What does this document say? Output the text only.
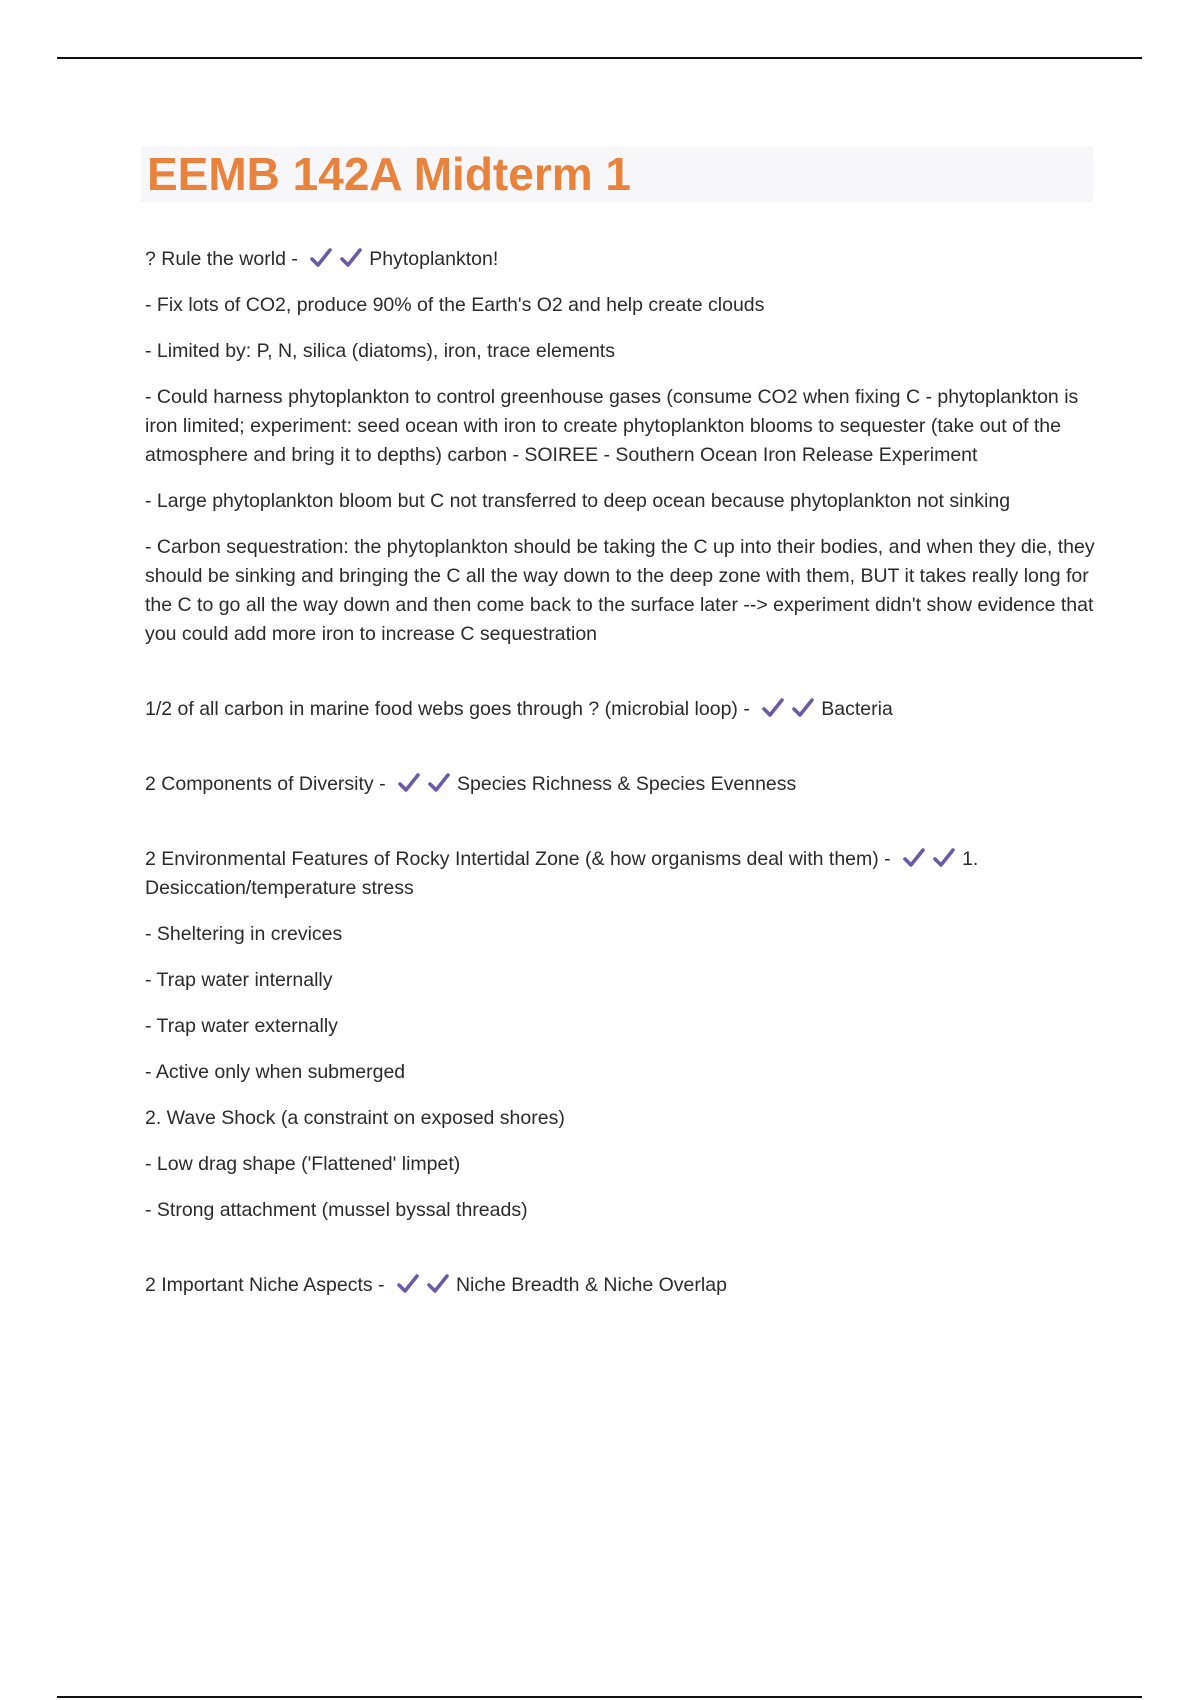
EEMB 142A Midterm 1

? Rule the world -	Phytoplankton!

- Fix lots of CO2, produce 90% of the Earth's O2 and help create clouds

- Limited by: P, N, silica (diatoms), iron, trace elements

- Could harness phytoplankton to control greenhouse gases (consume CO2 when fixing C - phytoplankton is iron limited; experiment: seed ocean with iron to create phytoplankton blooms to sequester (take out of the atmosphere and bring it to depths) carbon - SOIREE - Southern Ocean Iron Release Experiment

- Large phytoplankton bloom but C not transferred to deep ocean because phytoplankton not sinking

- Carbon sequestration: the phytoplankton should be taking the C up into their bodies, and when they die, they should be sinking and bringing the C all the way down to the deep zone with them, BUT it takes really long for the C to go all the way down and then come back to the surface later --> experiment didn't show evidence that you could add more iron to increase C sequestration

1/2 of all carbon in marine food webs goes through ? (microbial loop) -	Bacteria

2 Components of Diversity -	Species Richness & Species Evenness

2 Environmental Features of Rocky Intertidal Zone (& how organisms deal with them) -	1. Desiccation/temperature stress

- Sheltering in crevices

- Trap water internally

- Trap water externally

- Active only when submerged

2. Wave Shock (a constraint on exposed shores)

- Low drag shape ('Flattened' limpet)

- Strong attachment (mussel byssal threads)

2 Important Niche Aspects -	Niche Breadth & Niche Overlap
